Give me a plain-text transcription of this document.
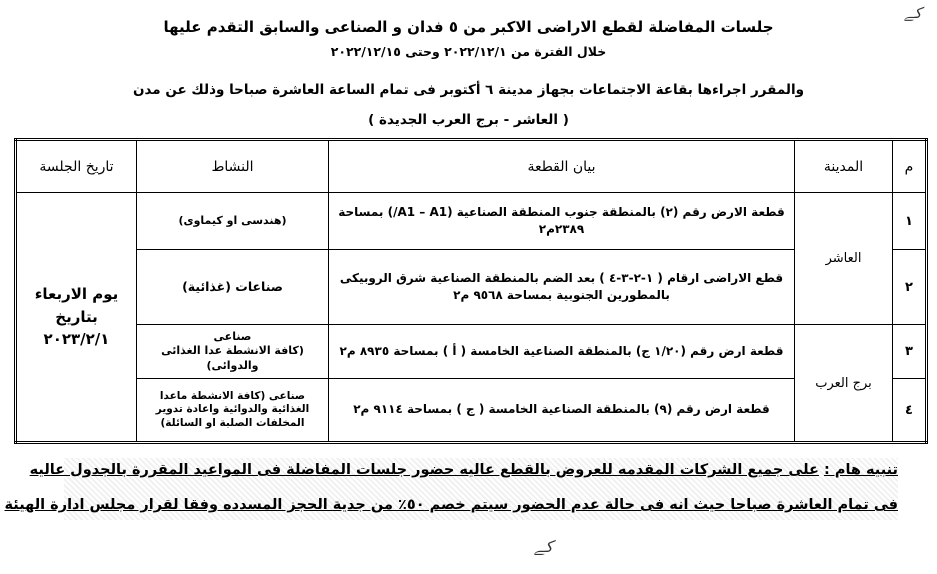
ﻛﮯ
جلسات المفاضلة لقطع الاراضى الاكبر من ٥ فدان و الصناعى والسابق التقدم عليها
خلال الفترة من ٢٠٢٢/١٢/١ وحتى ٢٠٢٢/١٢/١٥
والمقرر اجراءها بقاعة الاجتماعات بجهاز مدينة ٦ أكتوبر فى تمام الساعة العاشرة صباحا وذلك عن مدن
( العاشر - برج العرب الجديدة )
م	المدينة	بيان القطعة	النشاط	تاريخ الجلسة
١	العاشر	قطعة الارض رقم (٢) بالمنطقة جنوب المنطقة الصناعية (A1 – A1/) بمساحة ٢٣٨٩م٢	(هندسى او كيماوى)	يوم الاربعاء بتاريخ ٢٠٢٣/٢/١
٢		قطع الاراضى ارقام ( ١-٢-٣-٤ ) بعد الضم بالمنطقة الصناعية شرق الروبيكى بالمطورين الجنوبية بمساحة ٩٥٦٨ م٢	صناعات (غذائية)	
٣	برج العرب	قطعة ارض رقم (١/٢٠ ج) بالمنطقة الصناعية الخامسة ( أ ) بمساحة ٨٩٣٥ م٢	صناعى
(كافة الانشطة عدا الغذائى والدوائى)	

٤		قطعة ارض رقم (٩) بالمنطقة الصناعية الخامسة ( ج ) بمساحة ٩١١٤ م٢	صناعى (كافة الانشطة ماعدا الغذائية والدوائية واعادة تدوير المخلفات الصلبة او السائلة)	
تنبيه هام : على جميع الشركات المقدمه للعروض بالقطع عاليه حضور جلسات المفاضلة فى المواعيد المقررة بالجدول عاليه
فى تمام العاشرة صباحا حيث انه فى حالة عدم الحضور سيتم خصم ٥٠٪ من جدية الحجز المسدده وفقا لقرار مجلس ادارة الهيئة
ﻛﮯ
